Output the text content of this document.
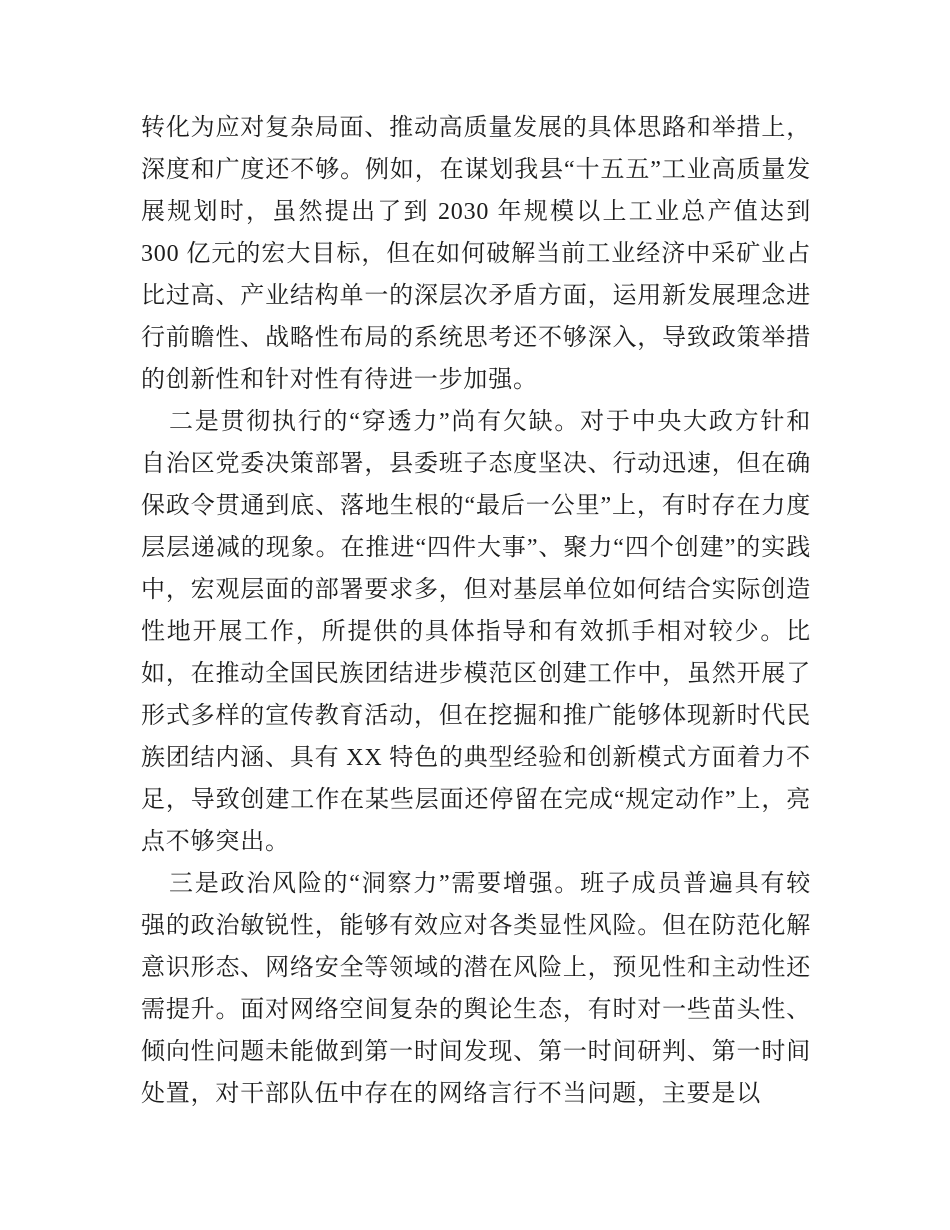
转化为应对复杂局面、推动高质量发展的具体思路和举措上，深度和广度还不够。例如，在谋划我县“十五五”工业高质量发展规划时，虽然提出了到 2030 年规模以上工业总产值达到 300 亿元的宏大目标，但在如何破解当前工业经济中采矿业占比过高、产业结构单一的深层次矛盾方面，运用新发展理念进行前瞻性、战略性布局的系统思考还不够深入，导致政策举措的创新性和针对性有待进一步加强。

二是贯彻执行的“穿透力”尚有欠缺。对于中央大政方针和自治区党委决策部署，县委班子态度坚决、行动迅速，但在确保政令贯通到底、落地生根的“最后一公里”上，有时存在力度层层递减的现象。在推进“四件大事”、聚力“四个创建”的实践中，宏观层面的部署要求多，但对基层单位如何结合实际创造性地开展工作，所提供的具体指导和有效抓手相对较少。比如，在推动全国民族团结进步模范区创建工作中，虽然开展了形式多样的宣传教育活动，但在挖掘和推广能够体现新时代民族团结内涵、具有 XX 特色的典型经验和创新模式方面着力不足，导致创建工作在某些层面还停留在完成“规定动作”上，亮点不够突出。

三是政治风险的“洞察力”需要增强。班子成员普遍具有较强的政治敏锐性，能够有效应对各类显性风险。但在防范化解意识形态、网络安全等领域的潜在风险上，预见性和主动性还需提升。面对网络空间复杂的舆论生态，有时对一些苗头性、倾向性问题未能做到第一时间发现、第一时间研判、第一时间处置，对干部队伍中存在的网络言行不当问题，主要是以
